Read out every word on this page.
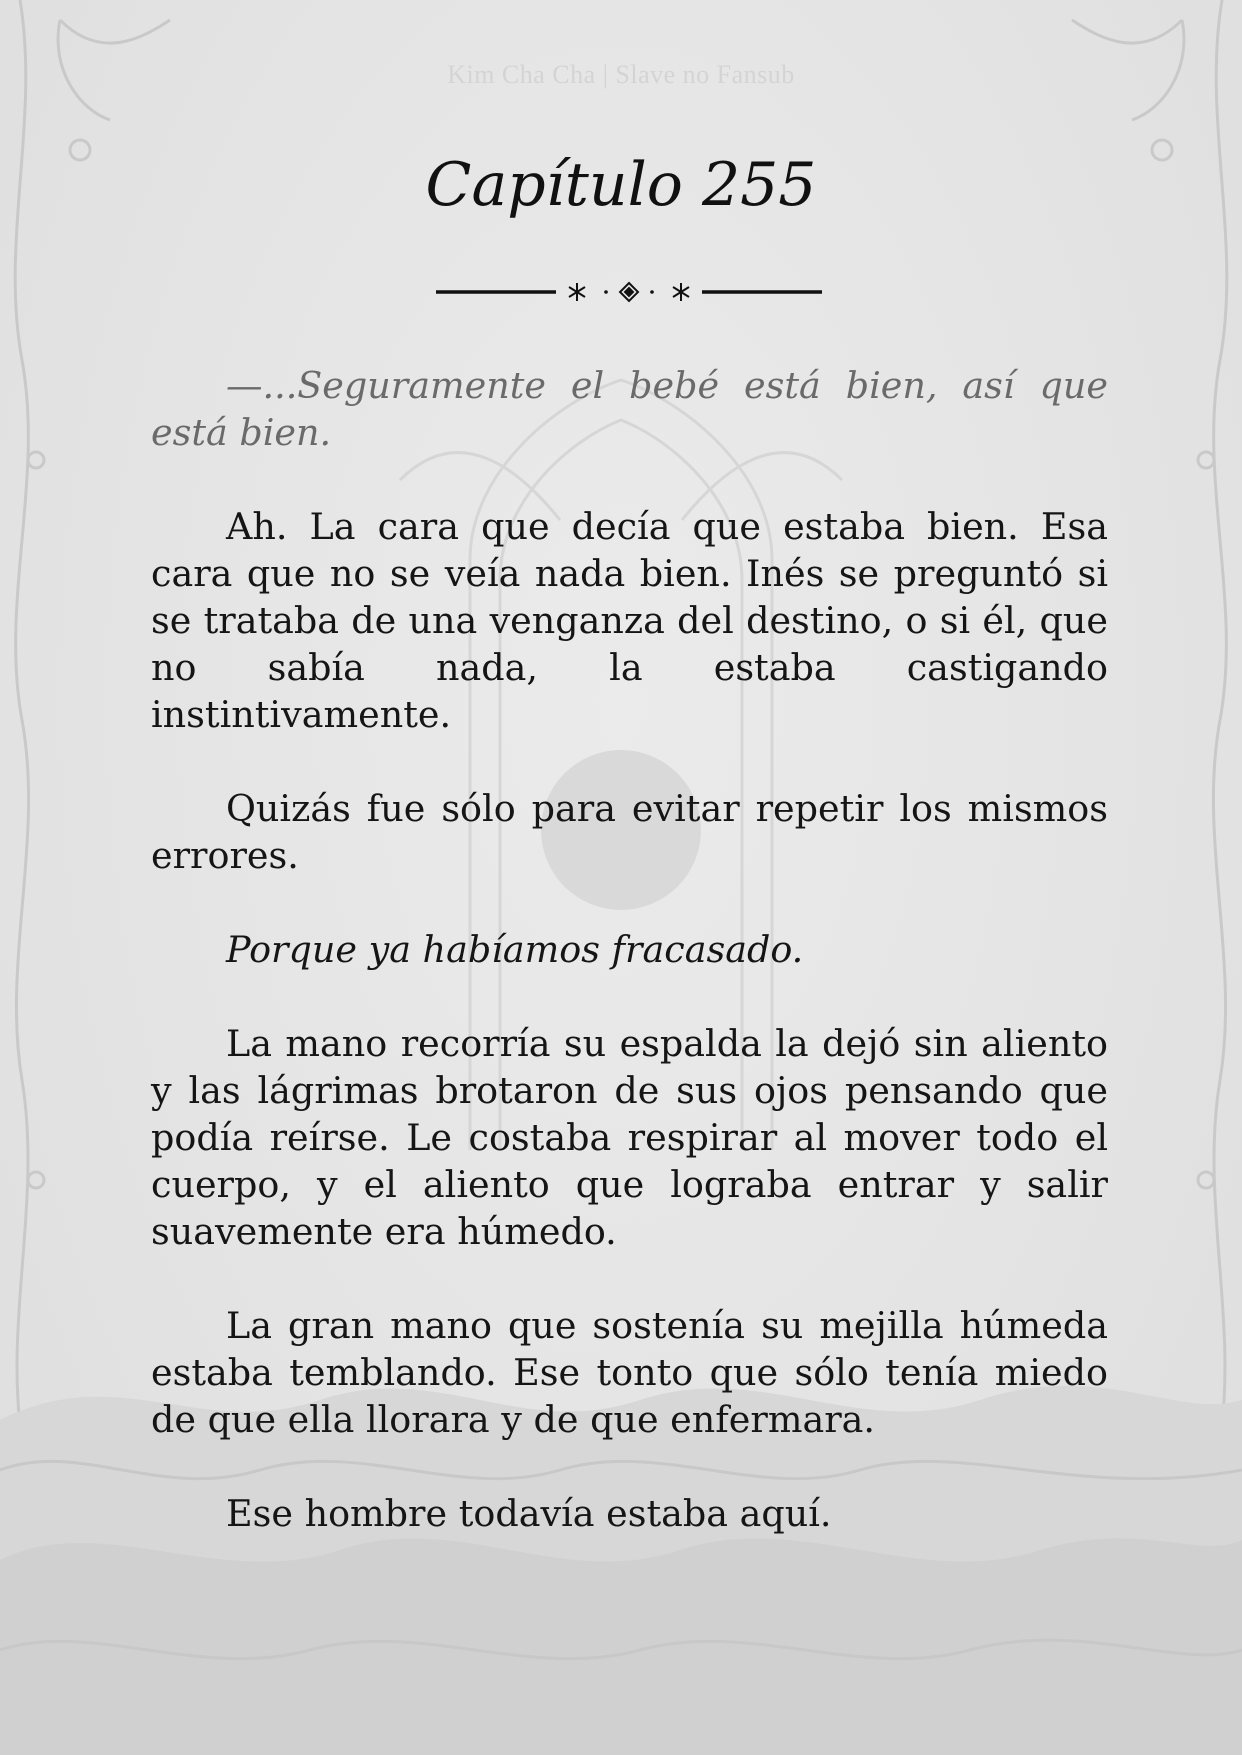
Kim Cha Cha | Slave no Fansub
Capítulo 255

—...Seguramente el bebé está bien, así que está bien.

Ah. La cara que decía que estaba bien. Esa cara que no se veía nada bien. Inés se preguntó si se trataba de una venganza del destino, o si él, que no sabía nada, la estaba castigando instintivamente.

Quizás fue sólo para evitar repetir los mismos errores.

Porque ya habíamos fracasado.

La mano recorría su espalda la dejó sin aliento y las lágrimas brotaron de sus ojos pensando que podía reírse. Le costaba respirar al mover todo el cuerpo, y el aliento que lograba entrar y salir suavemente era húmedo.

La gran mano que sostenía su mejilla húmeda estaba temblando. Ese tonto que sólo tenía miedo de que ella llorara y de que enfermara.

Ese hombre todavía estaba aquí.
